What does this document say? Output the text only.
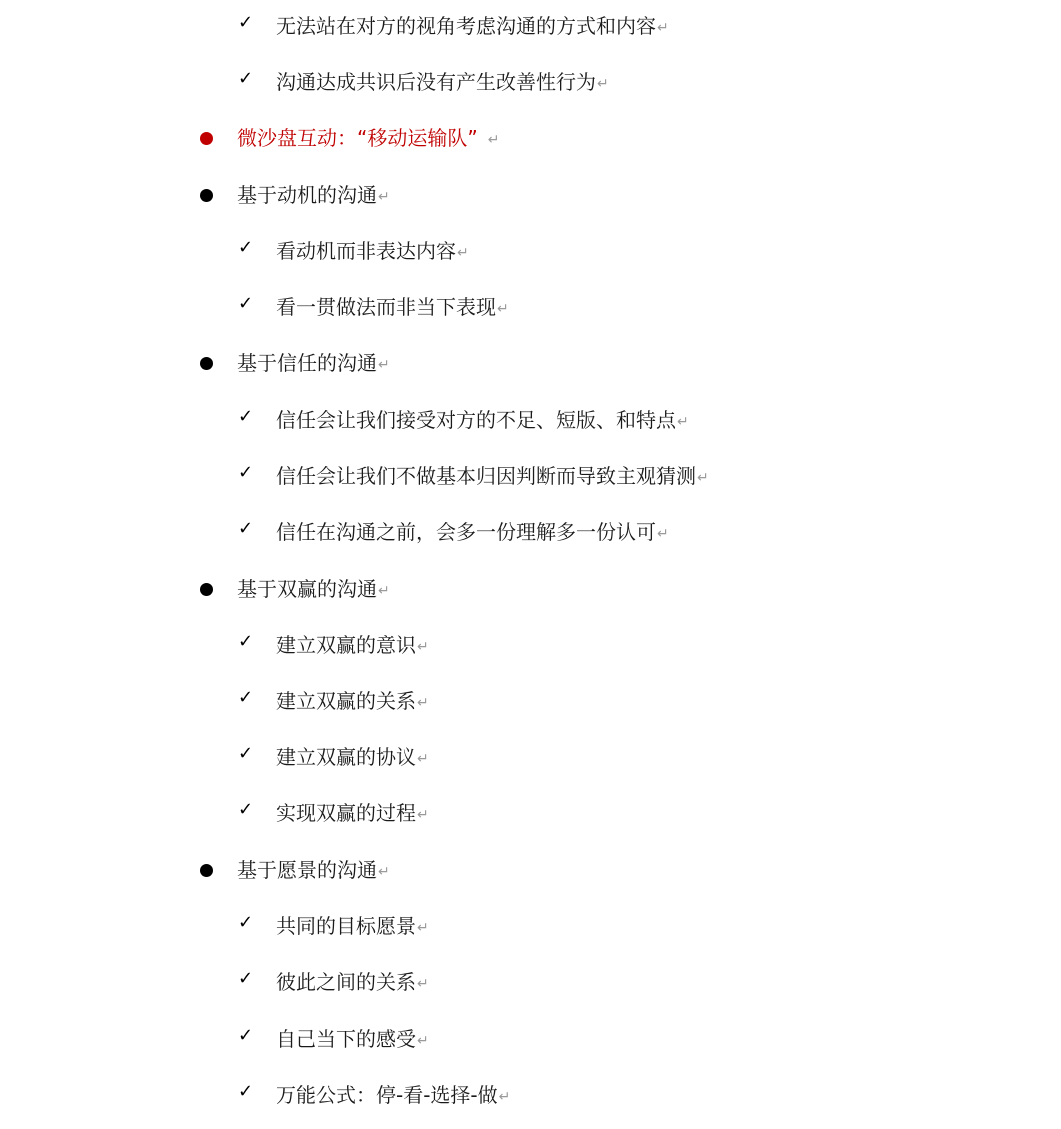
✓	无法站在对方的视角考虑沟通的方式和内容 ↵
✓	沟通达成共识后没有产生改善性行为 ↵
微沙盘互动：“移动运输队” ↵
基于动机的沟通 ↵
✓	看动机而非表达内容 ↵
✓	看一贯做法而非当下表现 ↵
基于信任的沟通 ↵
✓	信任会让我们接受对方的不足、短版、和特点 ↵
✓	信任会让我们不做基本归因判断而导致主观猜测 ↵
✓	信任在沟通之前，会多一份理解多一份认可 ↵
基于双赢的沟通 ↵
✓	建立双赢的意识 ↵
✓	建立双赢的关系 ↵
✓	建立双赢的协议 ↵
✓	实现双赢的过程 ↵
基于愿景的沟通 ↵
✓	共同的目标愿景 ↵
✓	彼此之间的关系 ↵
✓	自己当下的感受 ↵
✓	万能公式：停-看-选择-做 ↵
